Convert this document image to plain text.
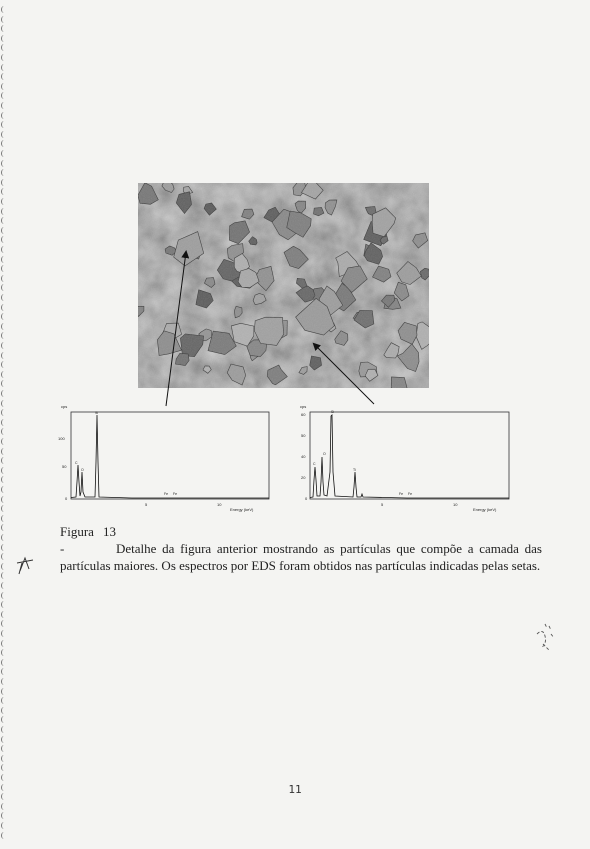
cps
100
50
0
C
O
Si
Fe Fe
5	10
Energy (keV)
cps
60
50
40
20
0
C
O
Si
Ti
Fe Fe
5	10
Energy (keV)
Figura 13 -	Detalhe da figura anterior mostrando as partículas que compõe a camada das partículas maiores. Os espectros por EDS foram obtidos nas partículas indicadas pelas setas.
11
